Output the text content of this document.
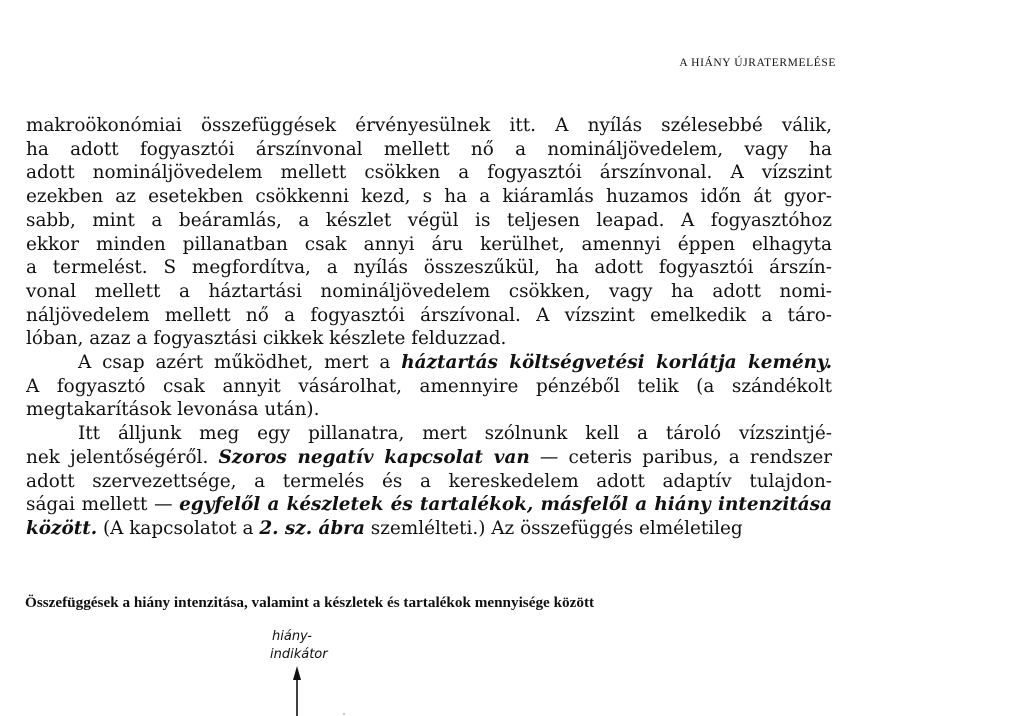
A HIÁNY ÚJRATERMELÉSE
makroökonómiai összefüggések érvényesülnek itt. A nyílás szélesebbé válik,
ha adott fogyasztói árszínvonal mellett nő a nomináljövedelem, vagy ha
adott nomináljövedelem mellett csökken a fogyasztói árszínvonal. A vízszint
ezekben az esetekben csökkenni kezd, s ha a kiáramlás huzamos időn át gyor-
sabb, mint a beáramlás, a készlet végül is teljesen leapad. A fogyasztóhoz
ekkor minden pillanatban csak annyi áru kerülhet, amennyi éppen elhagyta
a termelést. S megfordítva, a nyílás összeszűkül, ha adott fogyasztói árszín-
vonal mellett a háztartási nomináljövedelem csökken, vagy ha adott nomi-
náljövedelem mellett nő a fogyasztói árszívonal. A vízszint emelkedik a táro-
lóban, azaz a fogyasztási cikkek készlete felduzzad.
A csap azért működhet, mert a háztartás költségvetési korlátja kemény.
A fogyasztó csak annyit vásárolhat, amennyire pénzéből telik (a szándékolt
megtakarítások levonása után).
Itt álljunk meg egy pillanatra, mert szólnunk kell a tároló vízszintjé-
nek jelentőségéről. Szoros negatív kapcsolat van — ceteris paribus, a rendszer
adott szervezettsége, a termelés és a kereskedelem adott adaptív tulajdon-
ságai mellett — egyfelől a készletek és tartalékok, másfelől a hiány intenzitása
között. (A kapcsolatot a 2. sz. ábra szemlélteti.) Az összefüggés elméletileg
Összefüggések a hiány intenzitása, valamint a készletek és tartalékok mennyisége között
hiány-
indikátor
